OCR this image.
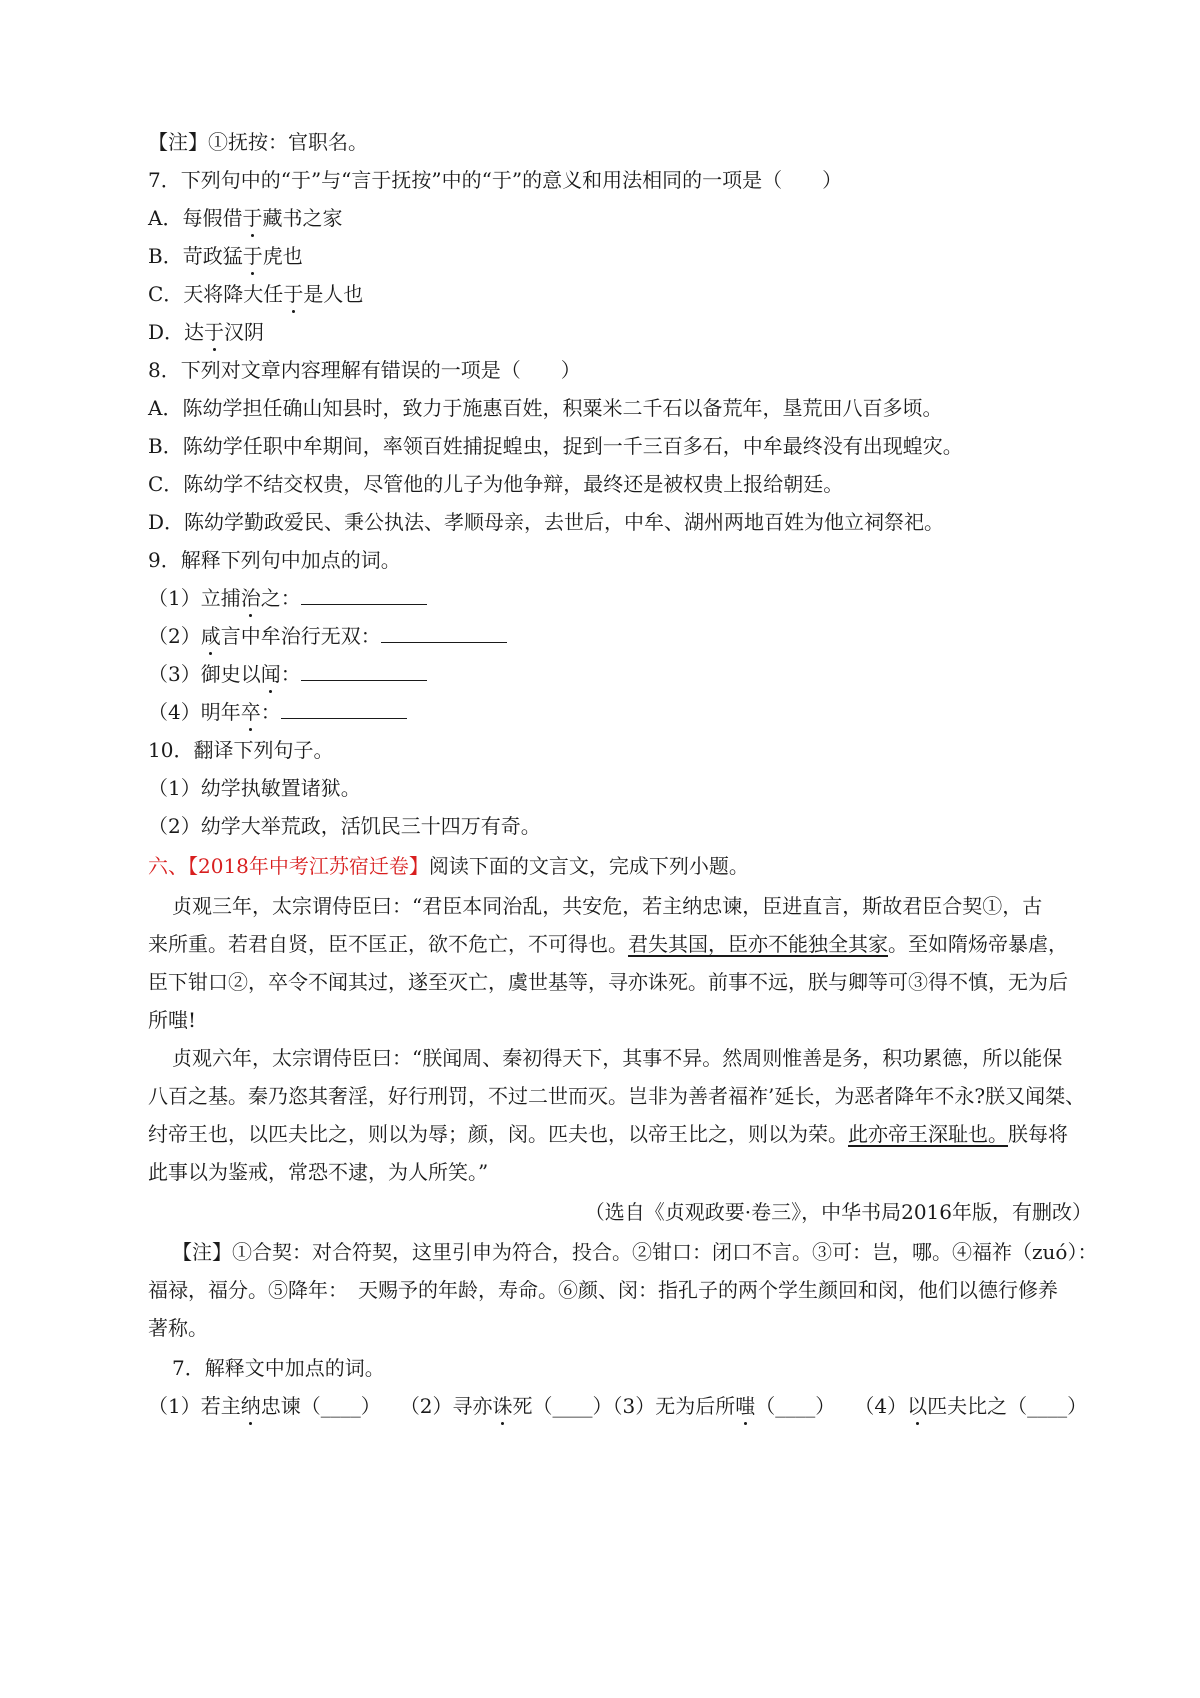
【注】①抚按：官职名。
7．下列句中的“于”与“言于抚按”中的“于”的意义和用法相同的一项是（　　）
A．每假借于藏书之家
B．苛政猛于虎也
C．天将降大任于是人也
D．达于汉阴
8．下列对文章内容理解有错误的一项是（　　）
A．陈幼学担任确山知县时，致力于施惠百姓，积粟米二千石以备荒年，垦荒田八百多顷。
B．陈幼学任职中牟期间，率领百姓捕捉蝗虫，捉到一千三百多石，中牟最终没有出现蝗灾。
C．陈幼学不结交权贵，尽管他的儿子为他争辩，最终还是被权贵上报给朝廷。
D．陈幼学勤政爱民、秉公执法、孝顺母亲，去世后，中牟、湖州两地百姓为他立祠祭祀。
9．解释下列句中加点的词。
（1）立捕治之：
（2）咸言中牟治行无双：
（3）御史以闻：
（4）明年卒：
10．翻译下列句子。
（1）幼学执敏置诸狱。
（2）幼学大举荒政，活饥民三十四万有奇。
六、【2018年中考江苏宿迁卷】阅读下面的文言文，完成下列小题。
贞观三年，太宗谓侍臣曰：“君臣本同治乱，共安危，若主纳忠谏，臣进直言，斯故君臣合契①，古
来所重。若君自贤，臣不匡正，欲不危亡，不可得也。君失其国，臣亦不能独全其家。至如隋炀帝暴虐，
臣下钳口②，卒令不闻其过，遂至灭亡，虞世基等，寻亦诛死。前事不远，朕与卿等可③得不慎，无为后
所嗤!
贞观六年，太宗谓侍臣曰：“朕闻周、秦初得天下，其事不异。然周则惟善是务，积功累德，所以能保
八百之基。秦乃恣其奢淫，好行刑罚，不过二世而灭。岂非为善者福祚’延长，为恶者降年不永?朕又闻桀、
纣帝王也，以匹夫比之，则以为辱；颜，闵。匹夫也，以帝王比之，则以为荣。此亦帝王深耻也。朕每将
此事以为鉴戒，常恐不逮，为人所笑。”
（选自《贞观政要·卷三》，中华书局2016年版，有删改）
【注】①合契：对合符契，这里引申为符合，投合。②钳口：闭口不言。③可：岂，哪。④福祚（zuó）：
福禄，福分。⑤降年：　天赐予的年龄，寿命。⑥颜、闵：指孔子的两个学生颜回和闵，他们以德行修养
著称。
7．解释文中加点的词。
（1）若主纳忠谏（____） （2）寻亦诛死（____）（3）无为后所嗤（____） （4）以匹夫比之（____）
